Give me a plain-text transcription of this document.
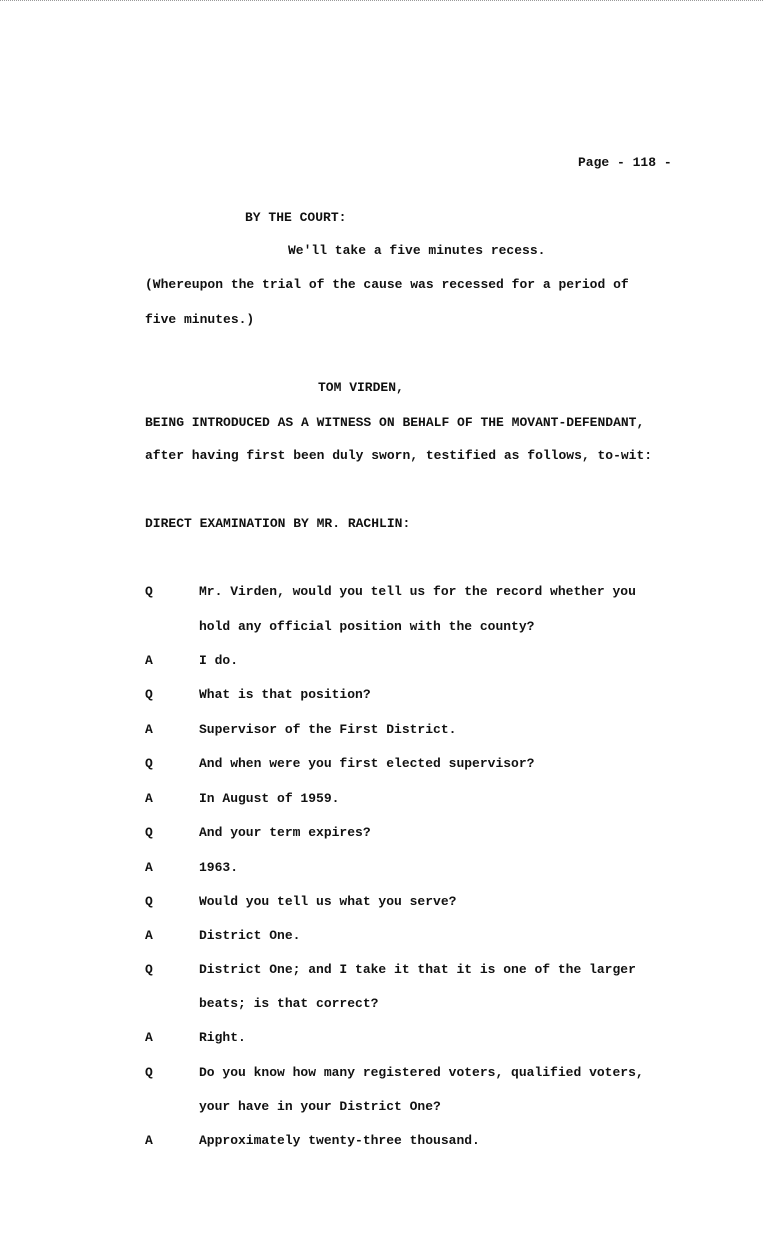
Page - 118 -
BY THE COURT:
We'll take a five minutes recess.
(Whereupon the trial of the cause was recessed for a period of
five minutes.)
TOM VIRDEN,
BEING INTRODUCED AS A WITNESS ON BEHALF OF THE MOVANT-DEFENDANT,
after having first been duly sworn, testified as follows, to-wit:
DIRECT EXAMINATION BY MR. RACHLIN:
Q	Mr. Virden, would you tell us for the record whether you
hold any official position with the county?
A	I do.
Q	What is that position?
A	Supervisor of the First District.
Q	And when were you first elected supervisor?
A	In August of 1959.
Q	And your term expires?
A	1963.
Q	Would you tell us what you serve?
A	District One.
Q	District One; and I take it that it is one of the larger
beats; is that correct?
A	Right.
Q	Do you know how many registered voters, qualified voters,
your have in your District One?
A	Approximately twenty-three thousand.
